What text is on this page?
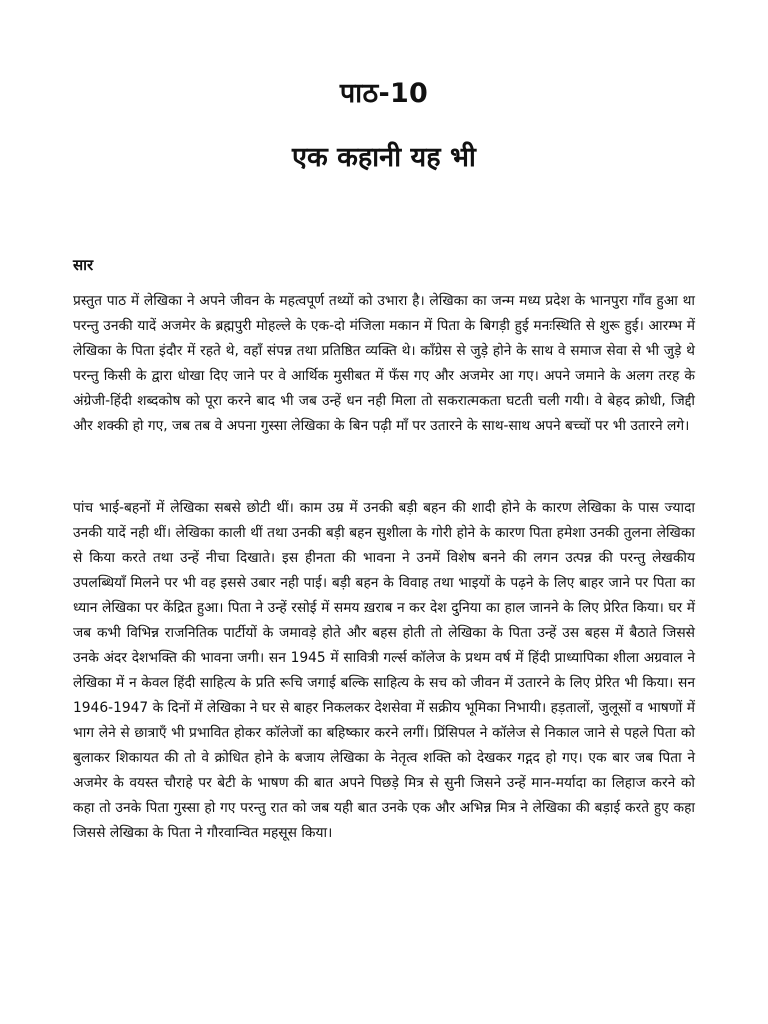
पाठ-10
एक कहानी यह भी
सार

प्रस्तुत पाठ में लेखिका ने अपने जीवन के महत्वपूर्ण तथ्यों को उभारा है। लेखिका का जन्म मध्य प्रदेश के भानपुरा गाँव हुआ था परन्तु उनकी यादें अजमेर के ब्रह्मपुरी मोहल्ले के एक-दो मंजिला मकान में पिता के बिगड़ी हुई मनःस्थिति से शुरू हुई। आरम्भ में लेखिका के पिता इंदौर में रहते थे, वहाँ संपन्न तथा प्रतिष्ठित व्यक्ति थे। काँग्रेस से जुड़े होने के साथ वे समाज सेवा से भी जुड़े थे परन्तु किसी के द्वारा धोखा दिए जाने पर वे आर्थिक मुसीबत में फँस गए और अजमेर आ गए। अपने जमाने के अलग तरह के अंग्रेजी-हिंदी शब्दकोष को पूरा करने बाद भी जब उन्हें धन नही मिला तो सकरात्मकता घटती चली गयी। वे बेहद क्रोधी, जिद्दी और शक्की हो गए, जब तब वे अपना गुस्सा लेखिका के बिन पढ़ी माँ पर उतारने के साथ-साथ अपने बच्चों पर भी उतारने लगे।

पांच भाई-बहनों में लेखिका सबसे छोटी थीं। काम उम्र में उनकी बड़ी बहन की शादी होने के कारण लेखिका के पास ज्यादा उनकी यादें नही थीं। लेखिका काली थीं तथा उनकी बड़ी बहन सुशीला के गोरी होने के कारण पिता हमेशा उनकी तुलना लेखिका से किया करते तथा उन्हें नीचा दिखाते। इस हीनता की भावना ने उनमें विशेष बनने की लगन उत्पन्न की परन्तु लेखकीय उपलब्धियाँ मिलने पर भी वह इससे उबार नही पाई। बड़ी बहन के विवाह तथा भाइयों के पढ़ने के लिए बाहर जाने पर पिता का ध्यान लेखिका पर केंद्रित हुआ। पिता ने उन्हें रसोई में समय ख़राब न कर देश दुनिया का हाल जानने के लिए प्रेरित किया। घर में जब कभी विभिन्न राजनितिक पार्टीयों के जमावड़े होते और बहस होती तो लेखिका के पिता उन्हें उस बहस में बैठाते जिससे उनके अंदर देशभक्ति की भावना जगी। सन 1945 में सावित्री गर्ल्स कॉलेज के प्रथम वर्ष में हिंदी प्राध्यापिका शीला अग्रवाल ने लेखिका में न केवल हिंदी साहित्य के प्रति रूचि जगाई बल्कि साहित्य के सच को जीवन में उतारने के लिए प्रेरित भी किया। सन 1946-1947 के दिनों में लेखिका ने घर से बाहर निकलकर देशसेवा में सक्रीय भूमिका निभायी। हड़तालों, जुलूसों व भाषणों में भाग लेने से छात्राएँ भी प्रभावित होकर कॉलेजों का बहिष्कार करने लगीं। प्रिंसिपल ने कॉलेज से निकाल जाने से पहले पिता को बुलाकर शिकायत की तो वे क्रोधित होने के बजाय लेखिका के नेतृत्व शक्ति को देखकर गद्गद हो गए। एक बार जब पिता ने अजमेर के वयस्त चौराहे पर बेटी के भाषण की बात अपने पिछड़े मित्र से सुनी जिसने उन्हें मान-मर्यादा का लिहाज करने को कहा तो उनके पिता गुस्सा हो गए परन्तु रात को जब यही बात उनके एक और अभिन्न मित्र ने लेखिका की बड़ाई करते हुए कहा जिससे लेखिका के पिता ने गौरवान्वित महसूस किया।
